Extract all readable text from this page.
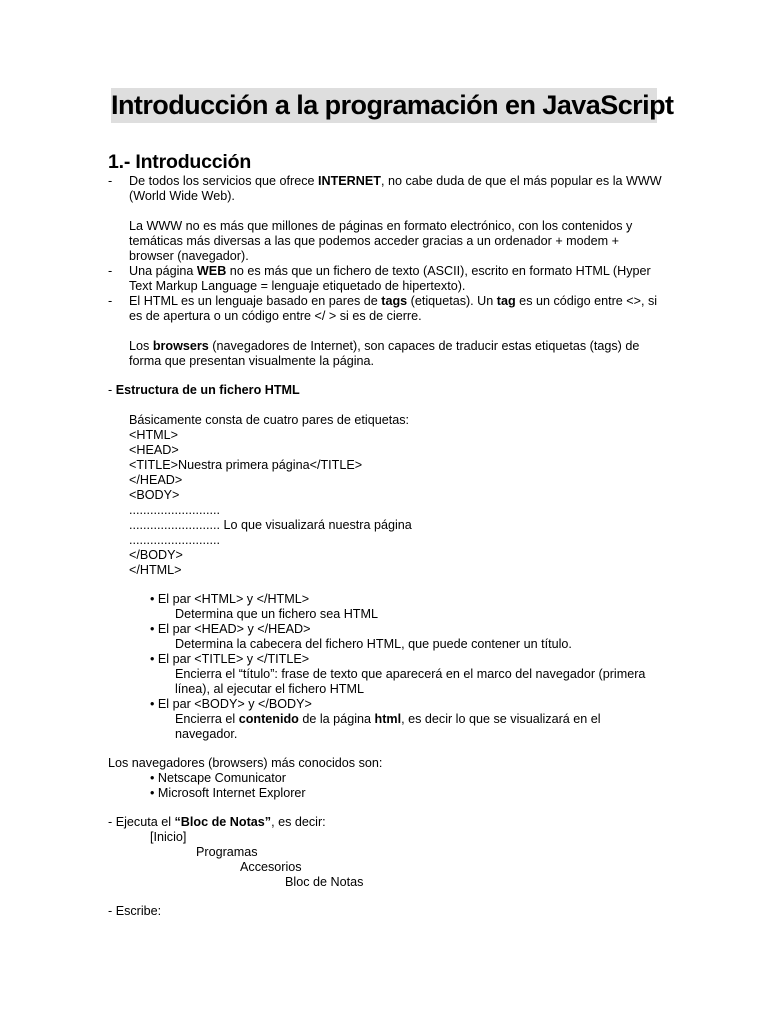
Introducción a la programación en JavaScript
1.- Introducción
- De todos los servicios que ofrece INTERNET, no cabe duda de que el más popular es la WWW
(World Wide Web).
La WWW no es más que millones de páginas en formato electrónico, con los contenidos y
temáticas más diversas a las que podemos acceder gracias a un ordenador + modem +
browser (navegador).
- Una página WEB no es más que un fichero de texto (ASCII), escrito en formato HTML (Hyper
Text Markup Language = lenguaje etiquetado de hipertexto).
- El HTML es un lenguaje basado en pares de tags (etiquetas). Un tag es un código entre <>, si
es de apertura o un código entre </ > si es de cierre.
Los browsers (navegadores de Internet), son capaces de traducir estas etiquetas (tags) de
forma que presentan visualmente la página.
- Estructura de un fichero HTML
Básicamente consta de cuatro pares de etiquetas:
<HTML>
<HEAD>
<TITLE>Nuestra primera página</TITLE>
</HEAD>
<BODY>
..........................
.......................... Lo que visualizará nuestra página
..........................
</BODY>
</HTML>
• El par <HTML> y </HTML>
Determina que un fichero sea HTML
• El par <HEAD> y </HEAD>
Determina la cabecera del fichero HTML, que puede contener un título.
• El par <TITLE> y </TITLE>
Encierra el “título”: frase de texto que aparecerá en el marco del navegador (primera
línea), al ejecutar el fichero HTML
• El par <BODY> y </BODY>
Encierra el contenido de la página html, es decir lo que se visualizará en el
navegador.
Los navegadores (browsers) más conocidos son:
• Netscape Comunicator
• Microsoft Internet Explorer
- Ejecuta el “Bloc de Notas”, es decir:
[Inicio]
Programas
Accesorios
Bloc de Notas
- Escribe:
